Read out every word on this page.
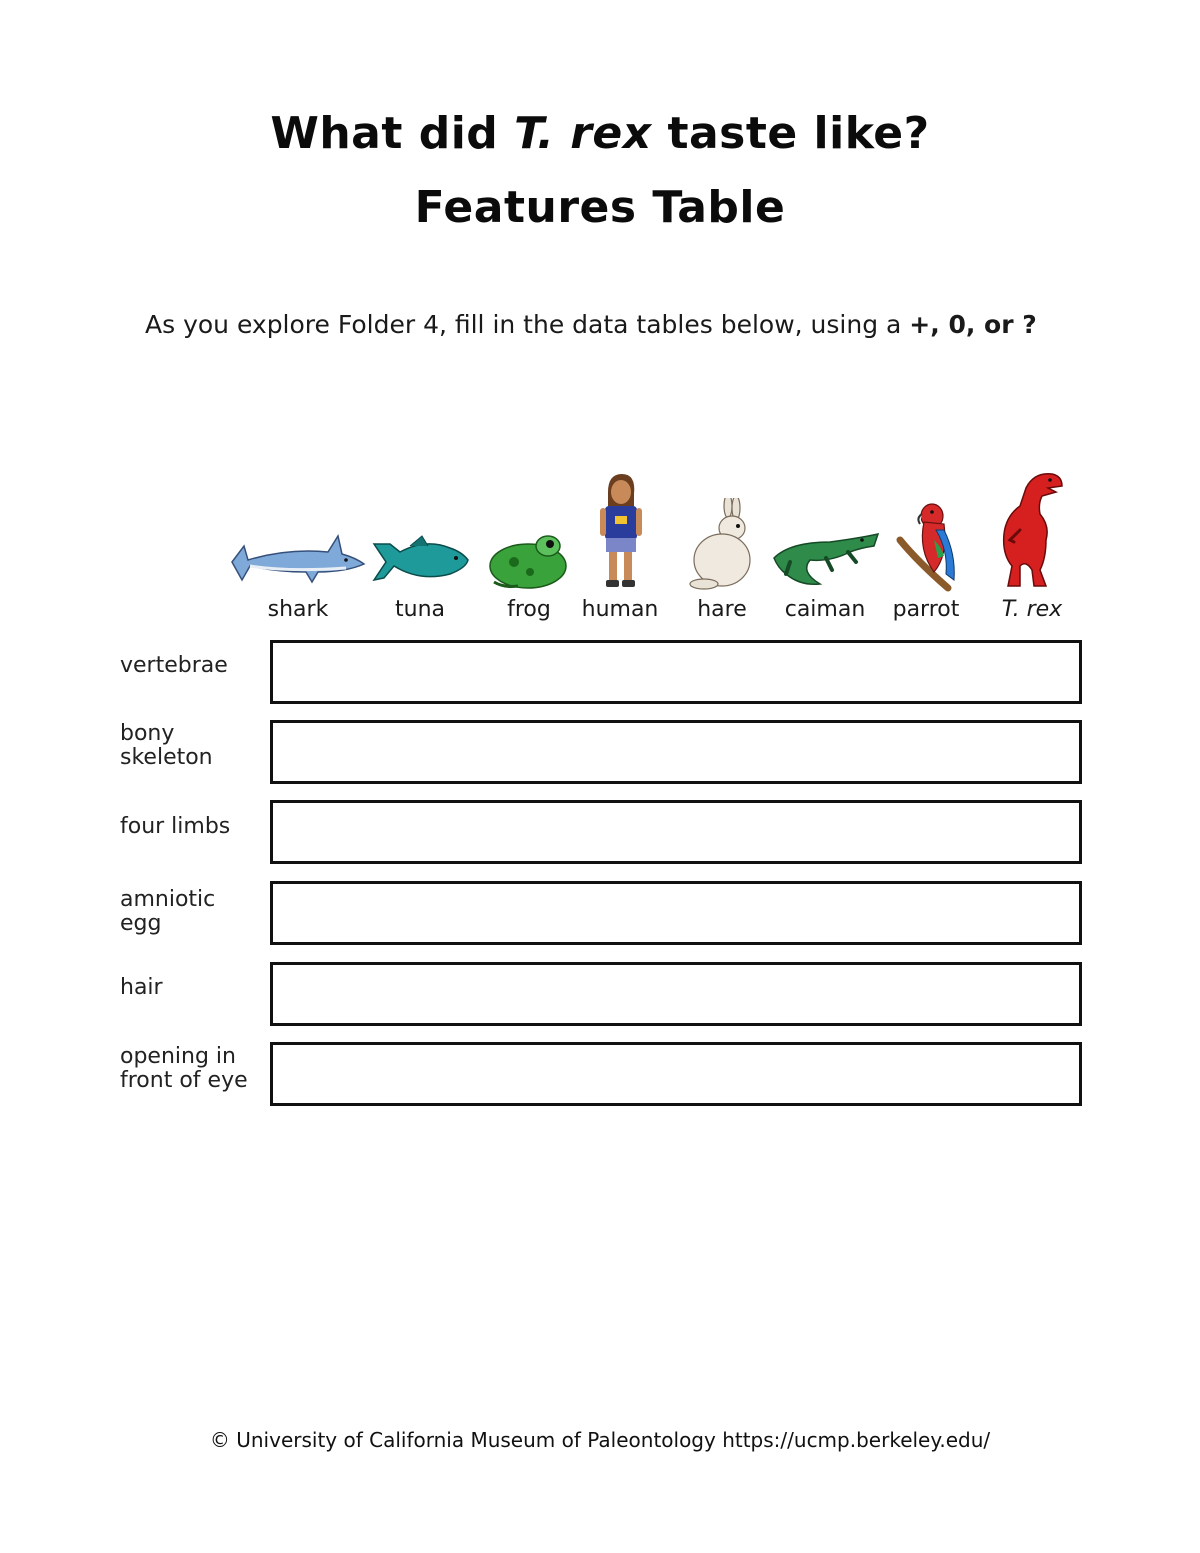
What did T. rex taste like?
Features Table
As you explore Folder 4, fill in the data tables below, using a +, 0, or ?
shark	tuna	frog	human	hare	caiman	parrot	T. rex
vertebrae
bony
skeleton
four limbs
amniotic
egg
hair
opening in
front of eye
© University of California Museum of Paleontology https://ucmp.berkeley.edu/
